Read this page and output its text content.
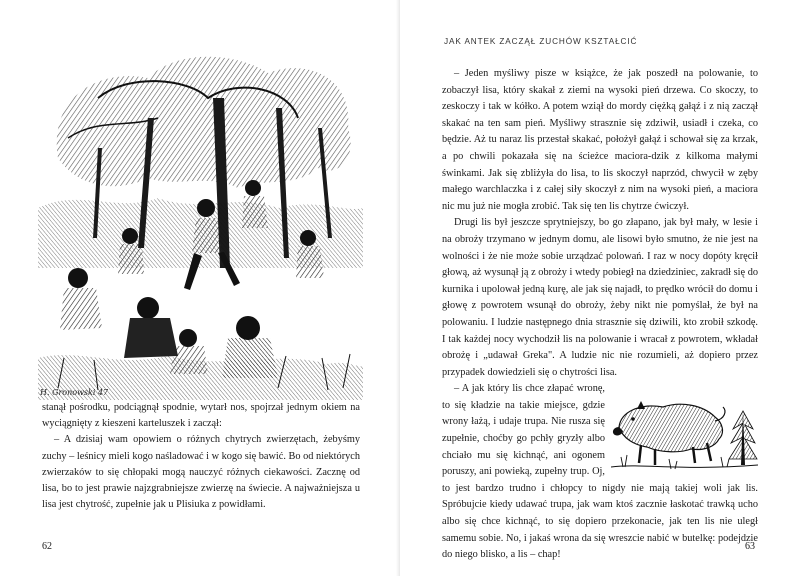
H. Gronowski 47

stanął pośrodku, podciągnął spodnie, wytarł nos, spojrzał jednym okiem na wyciągnięty z kieszeni karteluszek i zaczął:

– A dzisiaj wam opowiem o różnych chytrych zwierzętach, żebyśmy zuchy – leśnicy mieli kogo naśladować i w kogo się bawić. Bo od niektórych zwierzaków to się chłopaki mogą nauczyć różnych ciekawości. Zacznę od lisa, bo to jest prawie najzgrabniejsze zwierzę na świecie. A najważniejsza u lisa jest chytrość, zupełnie jak u Plisiuka z powidłami.

62
JAK ANTEK ZACZĄŁ ZUCHÓW KSZTAŁCIĆ

– Jeden myśliwy pisze w książce, że jak poszedł na polowanie, to zobaczył lisa, który skakał z ziemi na wysoki pień drzewa. Co skoczy, to zeskoczy i tak w kółko. A potem wziął do mordy ciężką gałąź i z nią zaczął skakać na ten sam pień. Myśliwy strasznie się zdziwił, usiadł i czeka, co będzie. Aż tu naraz lis przestał skakać, położył gałąź i schował się za krzak, a po chwili pokazała się na ścieżce maciora-dzik z kilkoma małymi świnkami. Jak się zbliżyła do lisa, to lis skoczył naprzód, chwycił w zęby małego warchlaczka i z całej siły skoczył z nim na wysoki pień, a maciora nic mu już nie mogła zrobić. Tak się ten lis chytrze ćwiczył.

Drugi lis był jeszcze sprytniejszy, bo go złapano, jak był mały, w lesie i na obroży trzymano w jednym domu, ale lisowi było smutno, że nie jest na wolności i że nie może sobie urządzać polowań. I raz w nocy dopóty kręcił głową, aż wysunął ją z obroży i wtedy pobiegł na dziedziniec, zakradł się do kurnika i upolował jedną kurę, ale jak się najadł, to prędko wrócił do domu i głowę z powrotem wsunął do obroży, żeby nikt nie pomyślał, że był na polowaniu. I ludzie następnego dnia strasznie się dziwili, kto zrobił szkodę. I tak każdej nocy wychodził lis na polowanie i wracał z powrotem, wkładał obrożę i „udawał Greka". A ludzie nic nie rozumieli, aż dopiero przez przypadek dowiedzieli się o chytrości lisa.

– A jak który lis chce złapać wronę, to się kładzie na takie miejsce, gdzie wrony łażą, i udaje trupa. Nie rusza się zupełnie, choćby go pchły gryzły albo chciało mu się kichnąć, ani ogonem poruszy, ani powieką, zupełny trup. Oj, to jest bardzo trudno i chłopcy to nigdy nie mają takiej woli jak lis. Spróbujcie kiedy udawać trupa, jak wam ktoś zacznie łaskotać trawką ucho albo się chce kichnąć, to się dopiero przekonacie, jak ten lis nie uległ samemu sobie. No, i jakaś wrona da się wreszcie nabić w butelkę: podejdzie do niego blisko, a lis – chap!

63
